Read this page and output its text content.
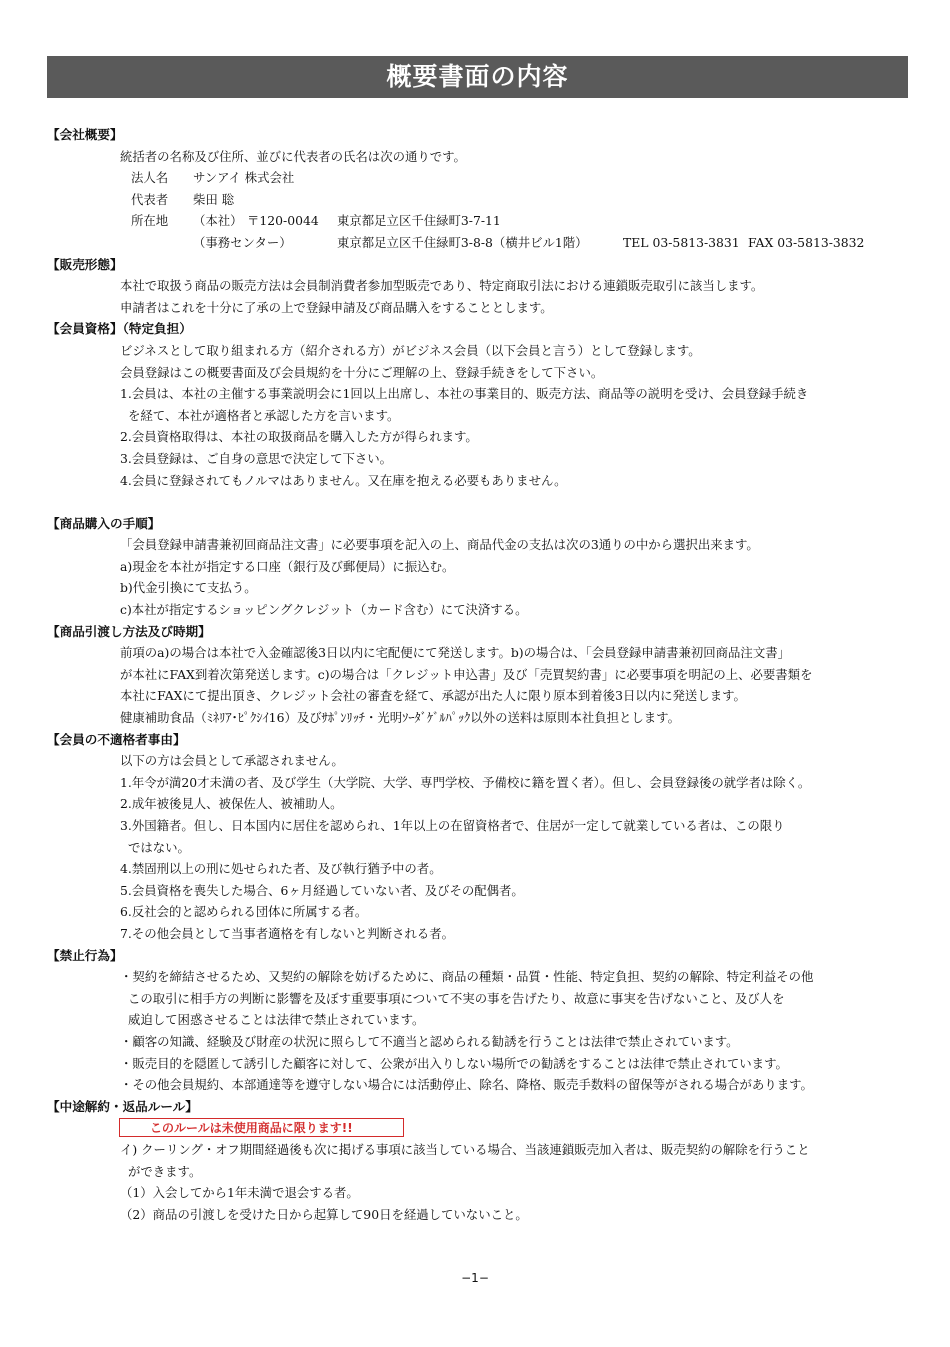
概要書面の内容
【会社概要】
統括者の名称及び住所、並びに代表者の氏名は次の通りです。
法人名 サンアイ 株式会社
代表者 柴田 聡
所在地 （本社） 〒120-0044 東京都足立区千住緑町3-7-11
（事務センター）	東京都足立区千住緑町3-8-8（横井ビル1階）	TEL 03-5813-3831 FAX 03-5813-3832
【販売形態】
本社で取扱う商品の販売方法は会員制消費者参加型販売であり、特定商取引法における連鎖販売取引に該当します。
申請者はこれを十分に了承の上で登録申請及び商品購入をすることとします。
【会員資格】（特定負担）
ビジネスとして取り組まれる方（紹介される方）がビジネス会員（以下会員と言う）として登録します。
会員登録はこの概要書面及び会員規約を十分にご理解の上、登録手続きをして下さい。
1.会員は、本社の主催する事業説明会に1回以上出席し、本社の事業目的、販売方法、商品等の説明を受け、会員登録手続き
を経て、本社が適格者と承認した方を言います。
2.会員資格取得は、本社の取扱商品を購入した方が得られます。
3.会員登録は、ご自身の意思で決定して下さい。
4.会員に登録されてもノルマはありません。又在庫を抱える必要もありません。
【商品購入の手順】
「会員登録申請書兼初回商品注文書」に必要事項を記入の上、商品代金の支払は次の3通りの中から選択出来ます。
a)現金を本社が指定する口座（銀行及び郵便局）に振込む。
b)代金引換にて支払う。
c)本社が指定するショッピングクレジット（カード含む）にて決済する。
【商品引渡し方法及び時期】
前項のa)の場合は本社で入金確認後3日以内に宅配便にて発送します。b)の場合は、「会員登録申請書兼初回商品注文書」
が本社にFAX到着次第発送します。c)の場合は「クレジット申込書」及び「売買契約書」に必要事項を明記の上、必要書類を
本社にFAXにて提出頂き、クレジット会社の審査を経て、承認が出た人に限り原本到着後3日以内に発送します。
健康補助食品（ﾐﾈﾘｱ･ﾋﾟｸｼｲ16）及びｻﾎﾟﾝﾘｯﾁ・光明ｿｰﾀﾞｹﾞﾙﾊﾟｯｸ以外の送料は原則本社負担とします。
【会員の不適格者事由】
以下の方は会員として承認されません。
1.年令が満20才未満の者、及び学生（大学院、大学、専門学校、予備校に籍を置く者）。但し、会員登録後の就学者は除く。
2.成年被後見人、被保佐人、被補助人。
3.外国籍者。但し、日本国内に居住を認められ、1年以上の在留資格者で、住居が一定して就業している者は、この限り
ではない。
4.禁固刑以上の刑に処せられた者、及び執行猶予中の者。
5.会員資格を喪失した場合、6ヶ月経過していない者、及びその配偶者。
6.反社会的と認められる団体に所属する者。
7.その他会員として当事者適格を有しないと判断される者。
【禁止行為】
・契約を締結させるため、又契約の解除を妨げるために、商品の種類・品質・性能、特定負担、契約の解除、特定利益その他
この取引に相手方の判断に影響を及ぼす重要事項について不実の事を告げたり、故意に事実を告げないこと、及び人を
威迫して困惑させることは法律で禁止されています。
・顧客の知識、経験及び財産の状況に照らして不適当と認められる勧誘を行うことは法律で禁止されています。
・販売目的を隠匿して誘引した顧客に対して、公衆が出入りしない場所での勧誘をすることは法律で禁止されています。
・その他会員規約、本部通達等を遵守しない場合には活動停止、除名、降格、販売手数料の留保等がされる場合があります。
【中途解約・返品ルール】
このルールは未使用商品に限ります!!
イ) クーリング・オフ期間経過後も次に掲げる事項に該当している場合、当該連鎖販売加入者は、販売契約の解除を行うこと
ができます。
（1）入会してから1年未満で退会する者。
（2）商品の引渡しを受けた日から起算して90日を経過していないこと。
−1−
